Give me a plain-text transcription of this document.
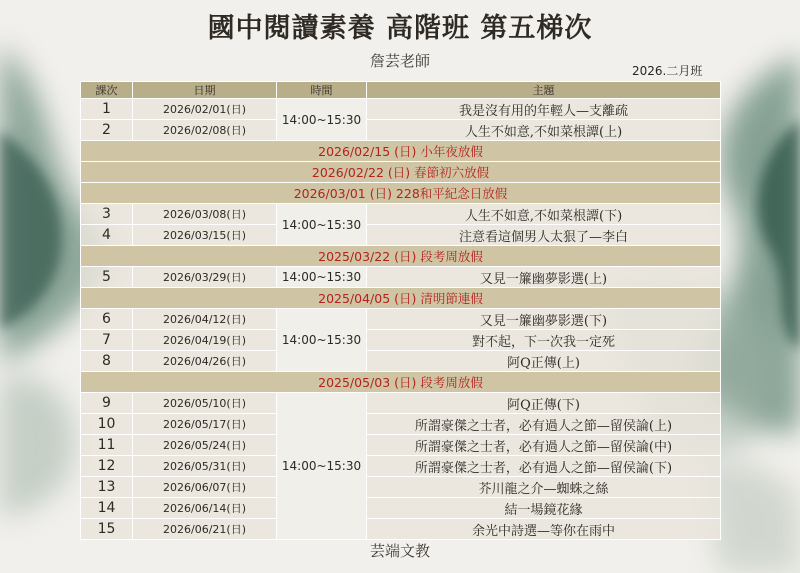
國中閱讀素養 高階班 第五梯次
詹芸老師
2026.二月班
課次	日期	時間	主題
1	2026/02/01(日)	14:00~15:30	我是沒有用的年輕人—支離疏
2	2026/02/08(日)		人生不如意,不如菜根譚(上)
2026/02/15 (日) 小年夜放假			
2026/02/22 (日) 春節初六放假			
2026/03/01 (日) 228和平紀念日放假			
3	2026/03/08(日)	14:00~15:30	人生不如意,不如菜根譚(下)
4	2026/03/15(日)		注意看這個男人太狠了—李白
2025/03/22 (日) 段考周放假			
5	2026/03/29(日)	14:00~15:30	又見一簾幽夢影選(上)
2025/04/05 (日) 清明節連假			
6	2026/04/12(日)	14:00~15:30	又見一簾幽夢影選(下)
7	2026/04/19(日)		對不起，下一次我一定死
8	2026/04/26(日)		阿Q正傳(上)
2025/05/03 (日) 段考周放假			
9	2026/05/10(日)	14:00~15:30	阿Q正傳(下)
10	2026/05/17(日)		所謂豪傑之士者，必有過人之節—留侯論(上)
11	2026/05/24(日)		所謂豪傑之士者，必有過人之節—留侯論(中)
12	2026/05/31(日)		所謂豪傑之士者，必有過人之節—留侯論(下)
13	2026/06/07(日)		芥川龍之介—蜘蛛之絲
14	2026/06/14(日)		結一場鏡花緣
15	2026/06/21(日)		余光中詩選—等你在雨中
芸端文教
